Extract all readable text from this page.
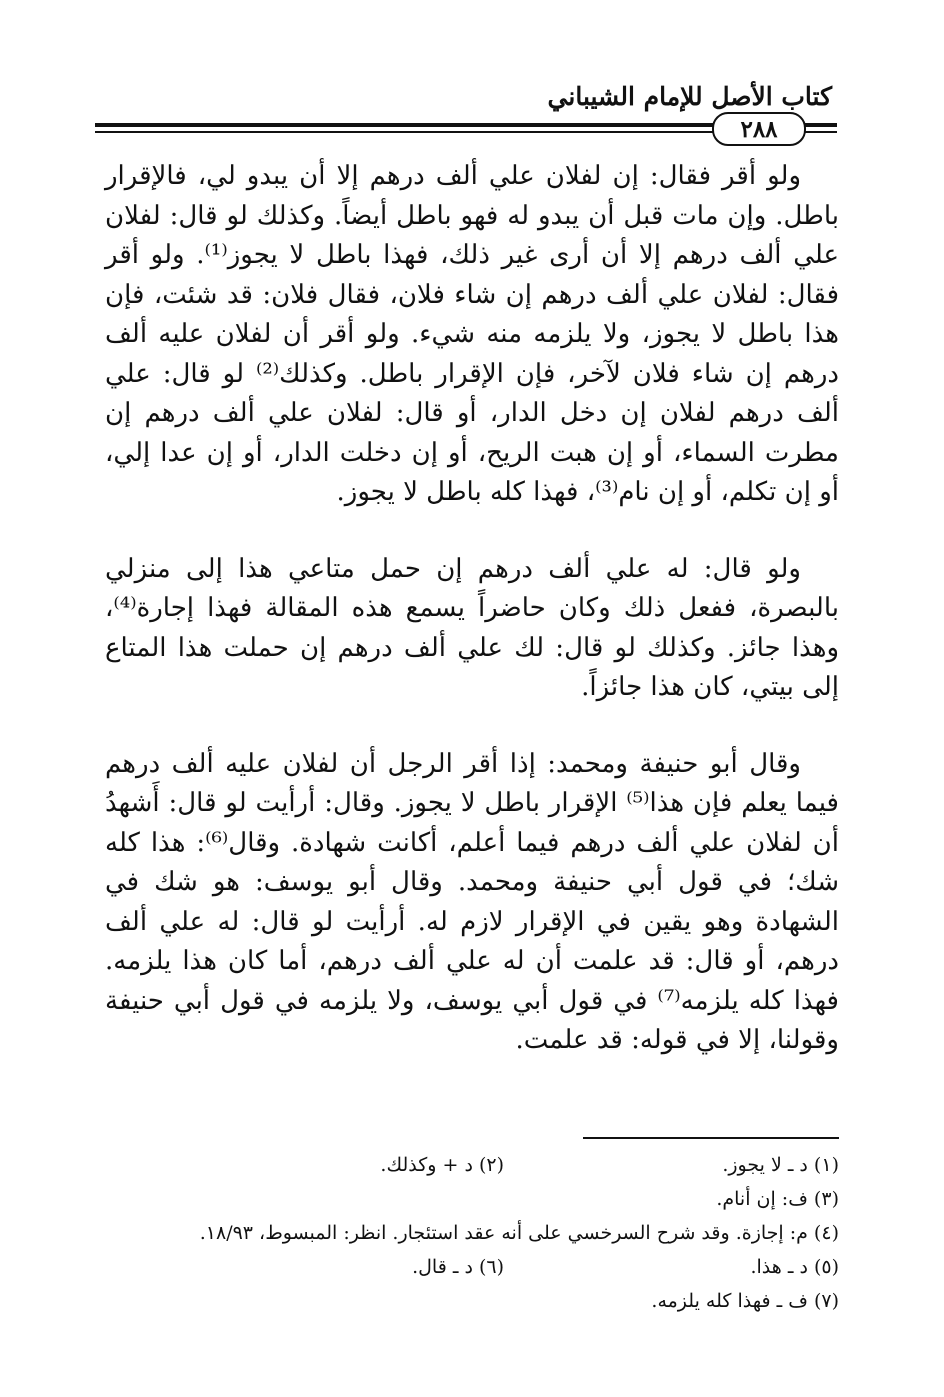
كتاب الأصل للإمام الشيباني
٢٨٨

ولو أقر فقال: إن لفلان علي ألف درهم إلا أن يبدو لي، فالإقرار باطل. وإن مات قبل أن يبدو له فهو باطل أيضاً. وكذلك لو قال: لفلان علي ألف درهم إلا أن أرى غير ذلك، فهذا باطل لا يجوز⁽¹⁾. ولو أقر فقال: لفلان علي ألف درهم إن شاء فلان، فقال فلان: قد شئت، فإن هذا باطل لا يجوز، ولا يلزمه منه شيء. ولو أقر أن لفلان عليه ألف درهم إن شاء فلان لآخر، فإن الإقرار باطل. وكذلك⁽²⁾ لو قال: علي ألف درهم لفلان إن دخل الدار، أو قال: لفلان علي ألف درهم إن مطرت السماء، أو إن هبت الريح، أو إن دخلت الدار، أو إن عدا إلي، أو إن تكلم، أو إن نام⁽³⁾، فهذا كله باطل لا يجوز.

ولو قال: له علي ألف درهم إن حمل متاعي هذا إلى منزلي بالبصرة، ففعل ذلك وكان حاضراً يسمع هذه المقالة فهذا إجارة⁽⁴⁾، وهذا جائز. وكذلك لو قال: لك علي ألف درهم إن حملت هذا المتاع إلى بيتي، كان هذا جائزاً.

وقال أبو حنيفة ومحمد: إذا أقر الرجل أن لفلان عليه ألف درهم فيما يعلم فإن هذا⁽⁵⁾ الإقرار باطل لا يجوز. وقال: أرأيت لو قال: أَشهدُ أن لفلان علي ألف درهم فيما أعلم، أكانت شهادة. وقال⁽⁶⁾: هذا كله شك؛ في قول أبي حنيفة ومحمد. وقال أبو يوسف: هو شك في الشهادة وهو يقين في الإقرار لازم له. أرأيت لو قال: له علي ألف درهم، أو قال: قد علمت أن له علي ألف درهم، أما كان هذا يلزمه. فهذا كله يلزمه⁽⁷⁾ في قول أبي يوسف، ولا يلزمه في قول أبي حنيفة وقولنا، إلا في قوله: قد علمت.

(١) د ـ لا يجوز.
(٢) د + وكذلك.
(٣) ف: إن أنام.
(٤) م: إجازة. وقد شرح السرخسي على أنه عقد استئجار. انظر: المبسوط، ١٨/٩٣.
(٥) د ـ هذا.
(٦) د ـ قال.
(٧) ف ـ فهذا كله يلزمه.
